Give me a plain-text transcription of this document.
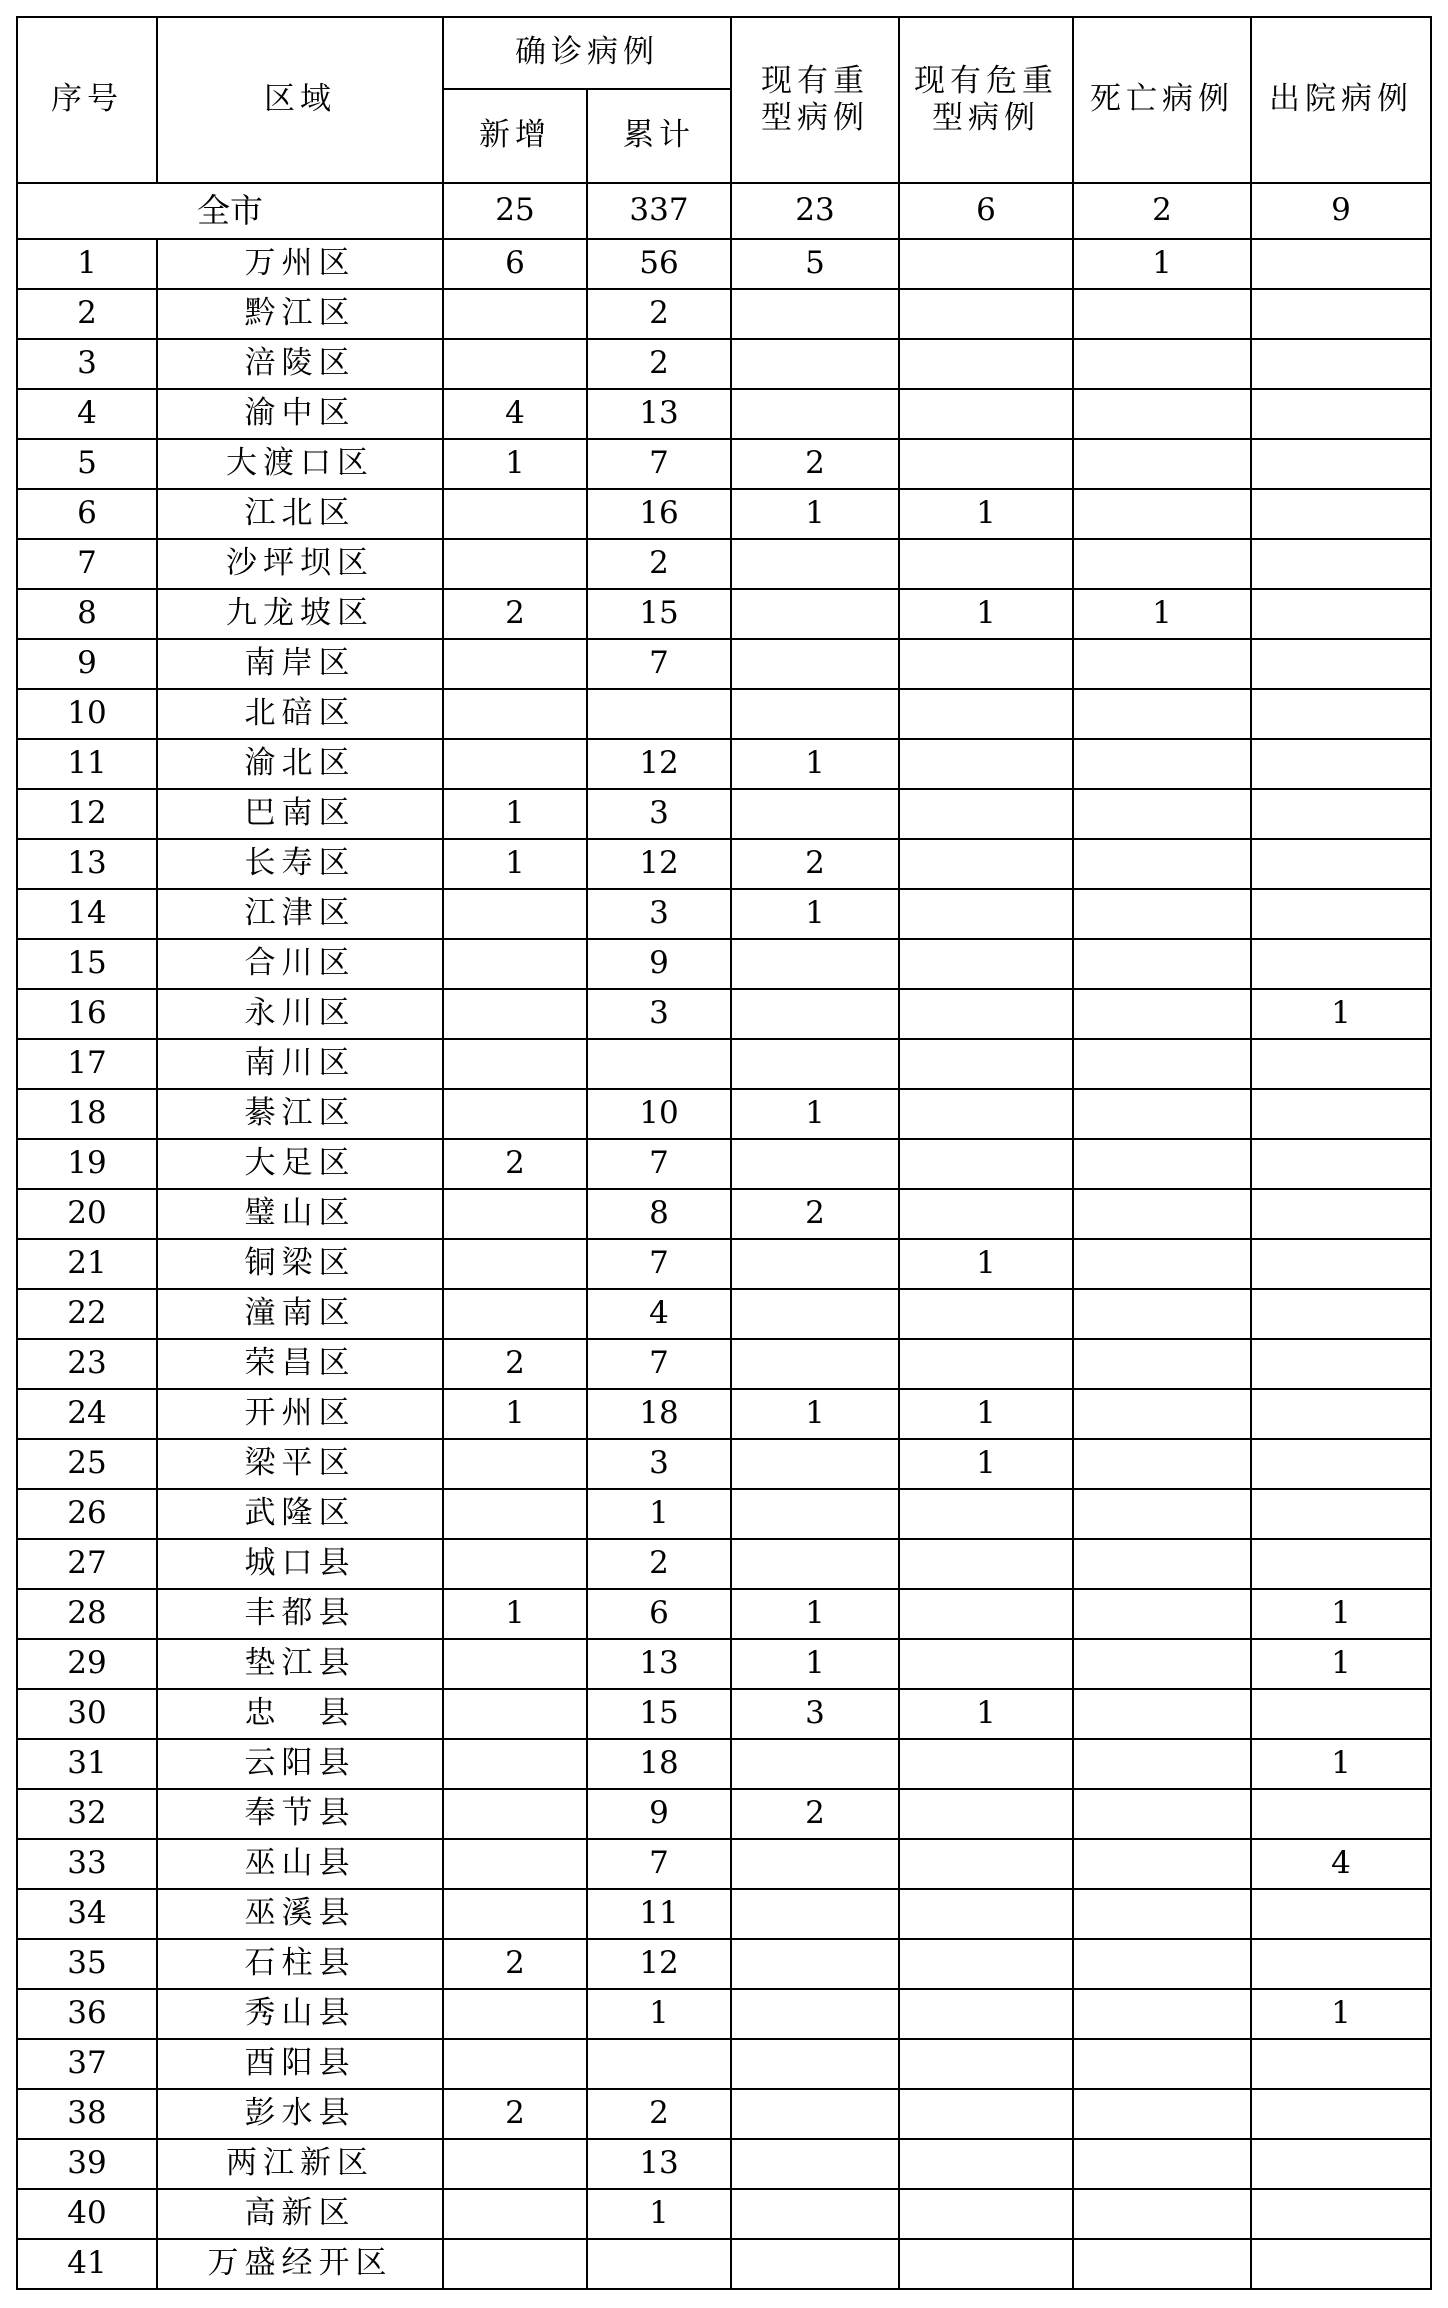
序号	区域	确诊病例		现有重型病例	现有危重型病例	死亡病例	出院病例
		新增	累计				
全市		25	337	23	6	2	9
1	万州区	6	56	5		1	
2	黔江区		2				
3	涪陵区		2				
4	渝中区	4	13				
5	大渡口区	1	7	2			
6	江北区		16	1	1		
7	沙坪坝区		2				
8	九龙坡区	2	15		1	1	
9	南岸区		7				
10	北碚区						
11	渝北区		12	1			
12	巴南区	1	3				
13	长寿区	1	12	2			
14	江津区		3	1			
15	合川区		9				
16	永川区		3				1
17	南川区						
18	綦江区		10	1			
19	大足区	2	7				
20	璧山区		8	2			
21	铜梁区		7		1		
22	潼南区		4				
23	荣昌区	2	7				
24	开州区	1	18	1	1		
25	梁平区		3		1		
26	武隆区		1				
27	城口县		2				
28	丰都县	1	6	1			1
29	垫江县		13	1			1
30	忠　县		15	3	1		
31	云阳县		18				1
32	奉节县		9	2			
33	巫山县		7				4
34	巫溪县		11				
35	石柱县	2	12				
36	秀山县		1				1
37	酉阳县						
38	彭水县	2	2				
39	两江新区		13				
40	高新区		1				
41	万盛经开区						
